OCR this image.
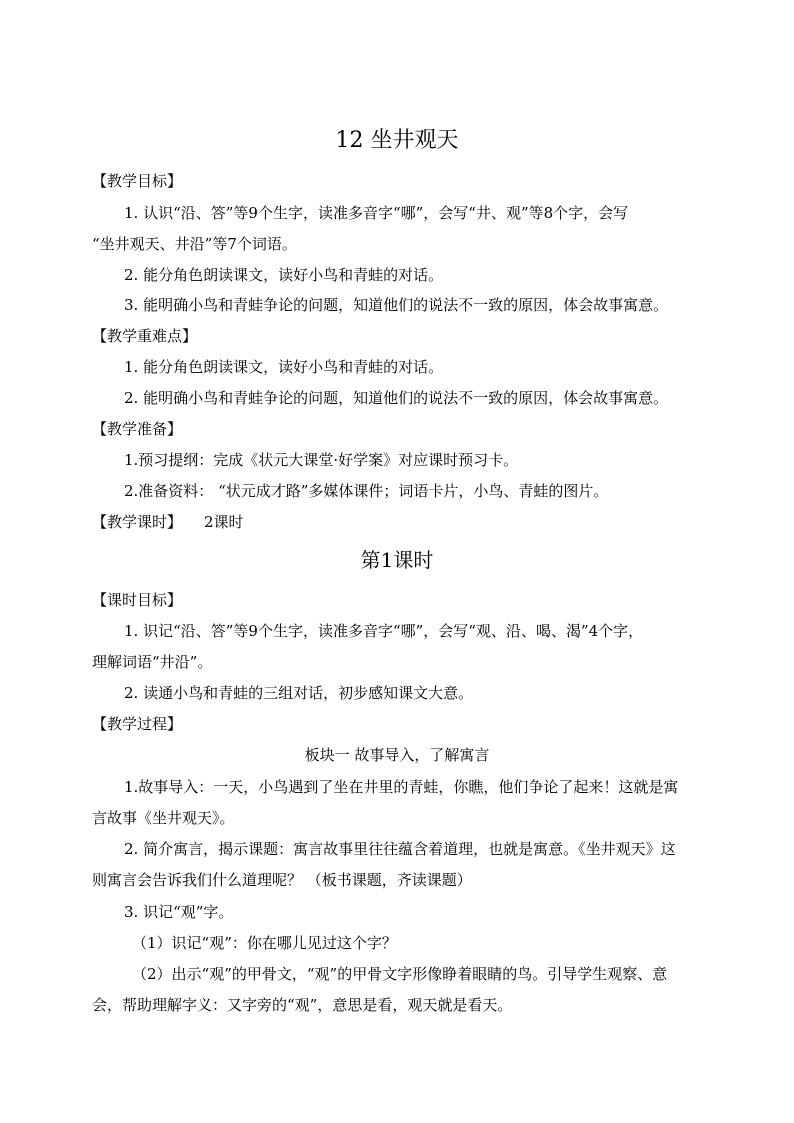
12 坐井观天
【教学目标】
1. 认识“沿、答”等9个生字，读准多音字“哪”，会写“井、观”等8个字，会写
“坐井观天、井沿”等7个词语。
2. 能分角色朗读课文，读好小鸟和青蛙的对话。
3. 能明确小鸟和青蛙争论的问题，知道他们的说法不一致的原因，体会故事寓意。
【教学重难点】
1. 能分角色朗读课文，读好小鸟和青蛙的对话。
2. 能明确小鸟和青蛙争论的问题，知道他们的说法不一致的原因，体会故事寓意。
【教学准备】
1.预习提纲：完成《状元大课堂·好学案》对应课时预习卡。
2.准备资料： “状元成才路”多媒体课件；词语卡片，小鸟、青蛙的图片。
【教学课时】 2课时
第1课时
【课时目标】
1. 识记“沿、答”等9个生字，读准多音字“哪”，会写“观、沿、喝、渴”4个字，
理解词语“井沿”。
2. 读通小鸟和青蛙的三组对话，初步感知课文大意。
【教学过程】
板块一 故事导入，了解寓言
1.故事导入：一天，小鸟遇到了坐在井里的青蛙，你瞧，他们争论了起来！这就是寓
言故事《坐井观天》。
2. 简介寓言，揭示课题：寓言故事里往往蕴含着道理，也就是寓意。《坐井观天》这
则寓言会告诉我们什么道理呢？ （板书课题，齐读课题）
3. 识记“观”字。
（1）识记“观”：你在哪儿见过这个字？
（2）出示“观”的甲骨文，“观”的甲骨文字形像睁着眼睛的鸟。引导学生观察、意
会，帮助理解字义：又字旁的“观”，意思是看，观天就是看天。
